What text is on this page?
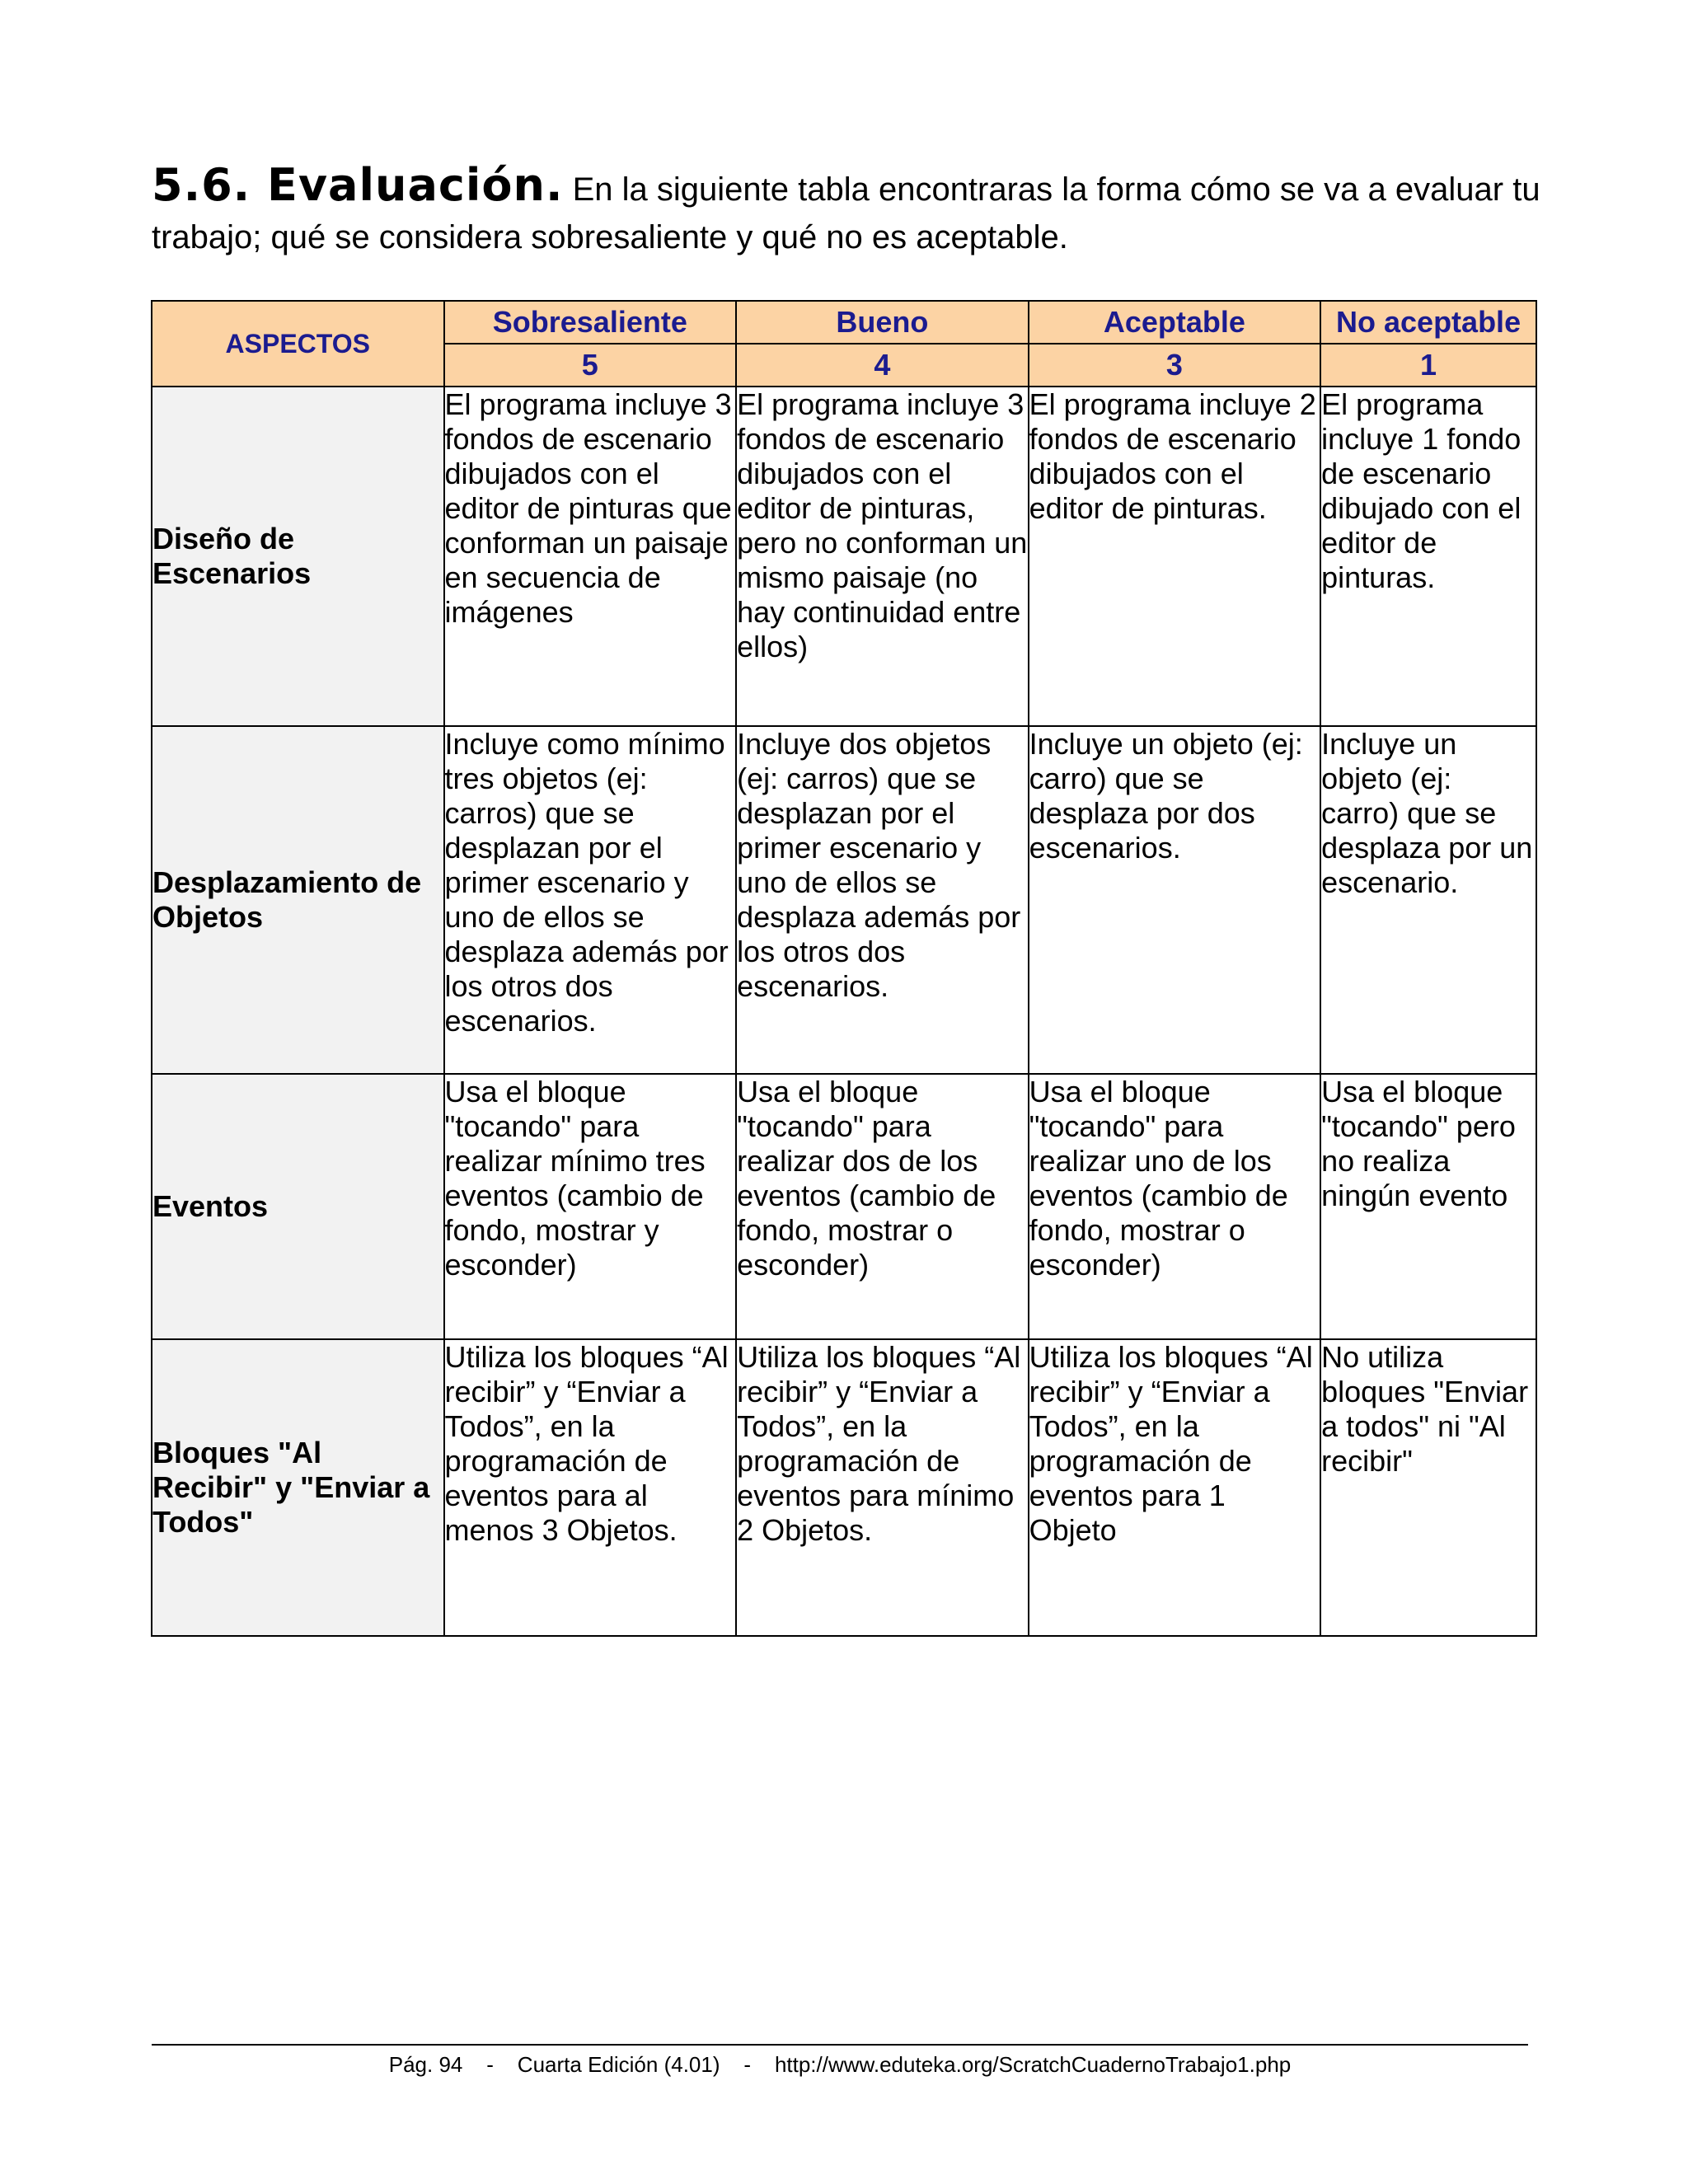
5.6. Evaluación. En la siguiente tabla encontraras la forma cómo se va a evaluar tu trabajo; qué se considera sobresaliente y qué no es aceptable.
ASPECTOS	Sobresaliente	Bueno	Aceptable	No aceptable
	5	4	3	1
Diseño de Escenarios	El programa incluye 3 fondos de escenario dibujados con el editor de pinturas que conforman un paisaje en secuencia de imágenes	El programa incluye 3 fondos de escenario dibujados con el editor de pinturas, pero no conforman un mismo paisaje (no hay continuidad entre ellos)	El programa incluye 2 fondos de escenario dibujados con el editor de pinturas.	El programa incluye 1 fondo de escenario dibujado con el editor de pinturas.
Desplazamiento de Objetos	Incluye como mínimo tres objetos (ej: carros) que se desplazan por el primer escenario y uno de ellos se desplaza además por los otros dos escenarios.	Incluye dos objetos (ej: carros) que se desplazan por el primer escenario y uno de ellos se desplaza además por los otros dos escenarios.	Incluye un objeto (ej: carro) que se desplaza por dos escenarios.	Incluye un objeto (ej: carro) que se desplaza por un escenario.
Eventos	Usa el bloque "tocando" para realizar mínimo tres eventos (cambio de fondo, mostrar y esconder)	Usa el bloque "tocando" para realizar dos de los eventos (cambio de fondo, mostrar o esconder)	Usa el bloque "tocando" para realizar uno de los eventos (cambio de fondo, mostrar o esconder)	Usa el bloque "tocando" pero no realiza ningún evento
Bloques "Al Recibir" y "Enviar a Todos"	Utiliza los bloques “Al recibir” y “Enviar a Todos”, en la programación de eventos para al menos 3 Objetos.	Utiliza los bloques “Al recibir” y “Enviar a Todos”, en la programación de eventos para mínimo 2 Objetos.	Utiliza los bloques “Al recibir” y “Enviar a Todos”, en la programación de eventos para 1 Objeto	No utiliza bloques "Enviar a todos" ni "Al recibir"
Pág. 94    -    Cuarta Edición (4.01)    -    http://www.eduteka.org/ScratchCuadernoTrabajo1.php
